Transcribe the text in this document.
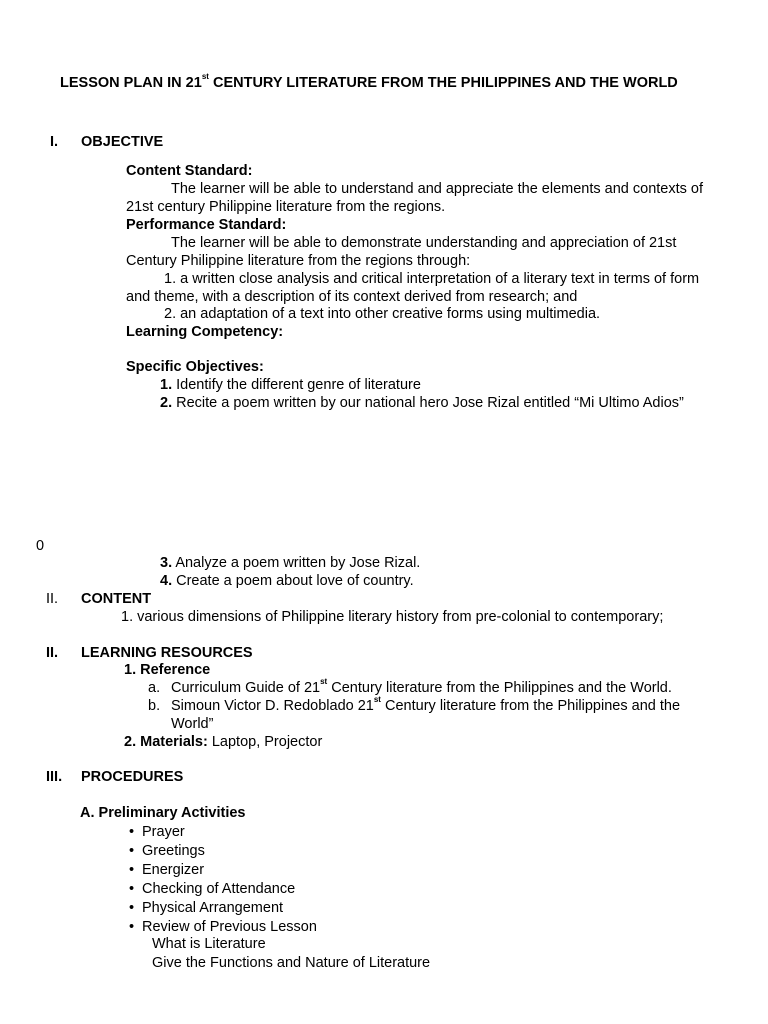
LESSON PLAN IN 21st CENTURY LITERATURE FROM THE PHILIPPINES AND THE WORLD
I. OBJECTIVE
Content Standard:
The learner will be able to understand and appreciate the elements and contexts of
21st century Philippine literature from the regions.
Performance Standard:
The learner will be able to demonstrate understanding and appreciation of 21st
Century Philippine literature from the regions through:
1. a written close analysis and critical interpretation of a literary text in terms of form
and theme, with a description of its context derived from research; and
2. an adaptation of a text into other creative forms using multimedia.
Learning Competency:
Specific Objectives:
1. Identify the different genre of literature
2. Recite a poem written by our national hero Jose Rizal entitled “Mi Ultimo Adios”
0
3. Analyze a poem written by Jose Rizal.
4. Create a poem about love of country.
II. CONTENT
1. various dimensions of Philippine literary history from pre-colonial to contemporary;
II. LEARNING RESOURCES
1. Reference
a. Curriculum Guide of 21st Century literature from the Philippines and the World.
b. Simoun Victor D. Redoblado 21st Century literature from the Philippines and the
World”
2. Materials: Laptop, Projector
III. PROCEDURES
A. Preliminary Activities
• Prayer
• Greetings
• Energizer
• Checking of Attendance
• Physical Arrangement
• Review of Previous Lesson
What is Literature
Give the Functions and Nature of Literature
